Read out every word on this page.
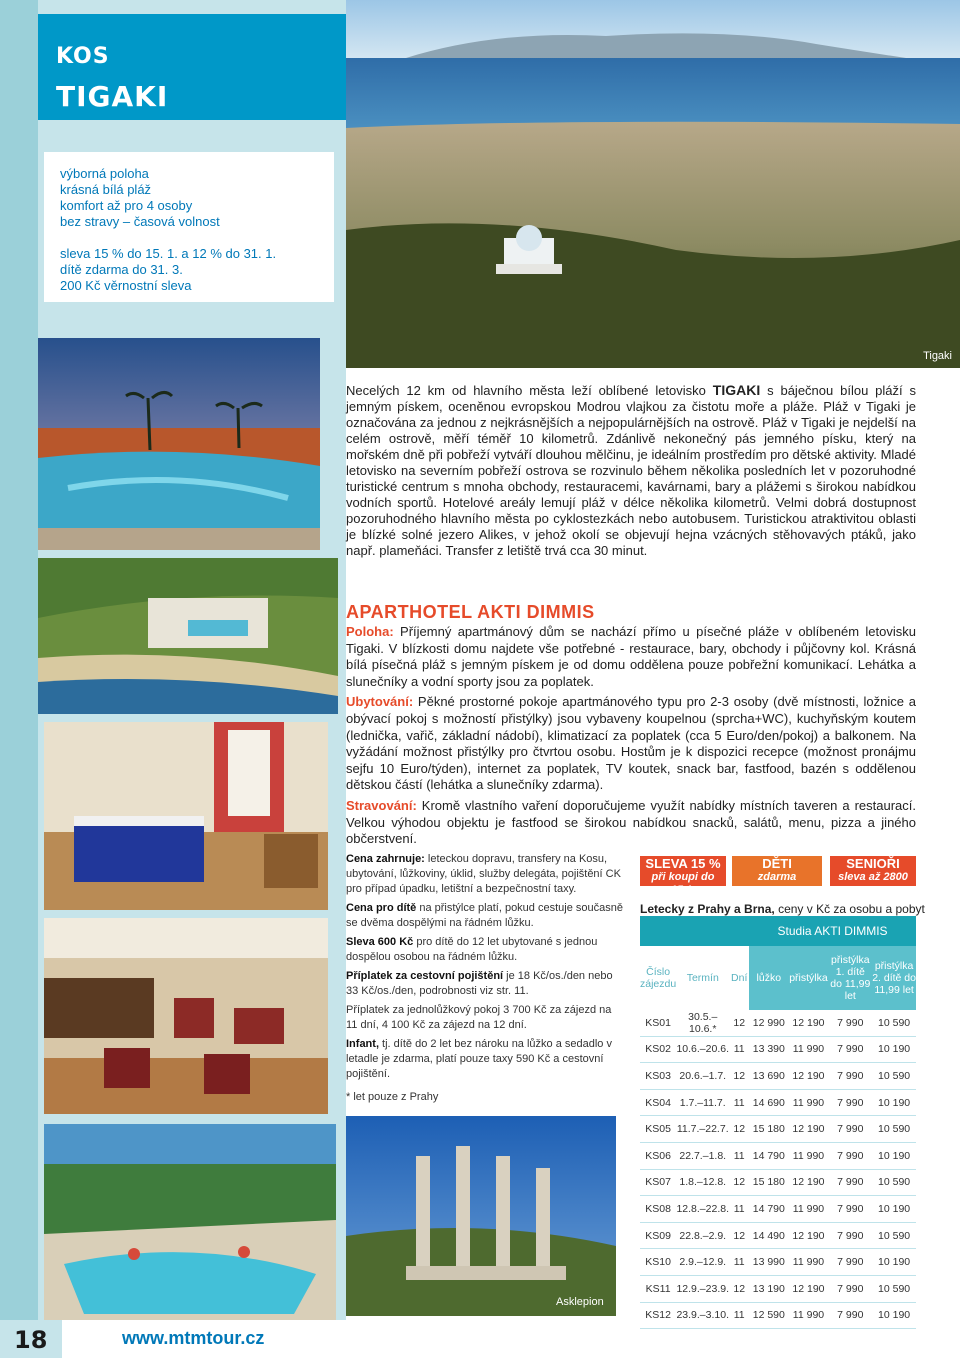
KOS
TIGAKI
výborná poloha
krásná bílá pláž
komfort až pro 4 osoby
bez stravy – časová volnost
sleva 15 % do 15. 1. a 12 % do 31. 1.
dítě zdarma do 31. 3.
200 Kč věrnostní sleva
Tigaki
Asklepion
Necelých 12 km od hlavního města leží oblíbené letovisko TIGAKI s báječnou bílou pláží s jemným pískem, oceněnou evropskou Modrou vlajkou za čistotu moře a pláže. Pláž v Tigaki je označována za jednou z nejkrásnějších a nejpopulárnějších na ostrově. Pláž v Tigaki je nejdelší na celém ostrově, měří téměř 10 kilometrů. Zdánlivě nekonečný pás jemného písku, který na mořském dně při pobřeží vytváří dlouhou mělčinu, je ideálním prostředím pro dětské aktivity. Mladé letovisko na severním pobřeží ostrova se rozvinulo během několika posledních let v pozoruhodné turistické centrum s mnoha obchody, restauracemi, kavárnami, bary a plážemi s širokou nabídkou vodních sportů. Hotelové areály lemují pláž v délce několika kilometrů. Velmi dobrá dostupnost pozoruhodného hlavního města po cyklostezkách nebo autobusem. Turistickou atraktivitou oblasti je blízké solné jezero Alikes, v jehož okolí se objevují hejna vzácných stěhovavých ptáků, jako např. plameňáci. Transfer z letiště trvá cca 30 minut.
APARTHOTEL AKTI DIMMIS

Poloha: Příjemný apartmánový dům se nachází přímo u písečné pláže v oblíbeném letovisku Tigaki. V blízkosti domu najdete vše potřebné - restaurace, bary, obchody i půjčovny kol. Krásná bílá písečná pláž s jemným pískem je od domu oddělena pouze pobřežní komunikací. Lehátka a slunečníky a vodní sporty jsou za poplatek.

Ubytování: Pěkné prostorné pokoje apartmánového typu pro 2-3 osoby (dvě místnosti, ložnice a obývací pokoj s možností přistýlky) jsou vybaveny koupelnou (sprcha+WC), kuchyňským koutem (lednička, vařič, základní nádobí), klimatizací za poplatek (cca 5 Euro/den/pokoj) a balkonem. Na vyžádání možnost přistýlky pro čtvrtou osobu. Hostům je k dispozici recepce (možnost pronájmu sejfu 10 Euro/týden), internet za poplatek, TV koutek, snack bar, fastfood, bazén s oddělenou dětskou částí (lehátka a slunečníky zdarma).

Stravování: Kromě vlastního vaření doporučujeme využít nabídky místních taveren a restaurací. Velkou výhodou objektu je fastfood se širokou nabídkou snacků, salátů, menu, pizza a jiného občerstvení.

Cena zahrnuje: leteckou dopravu, transfery na Kosu, ubytování, lůžkoviny, úklid, služby delegáta, pojištění CK pro případ úpadku, letištní a bezpečnostní taxy.

Cena pro dítě na přistýlce platí, pokud cestuje současně se dvěma dospělými na řádném lůžku.

Sleva 600 Kč pro dítě do 12 let ubytované s jednou dospělou osobou na řádném lůžku.

Příplatek za cestovní pojištění je 18 Kč/os./den nebo 33 Kč/os./den, podrobnosti viz str. 11.

Příplatek za jednolůžkový pokoj 3 700 Kč za zájezd na 11 dní, 4 100 Kč za zájezd na 12 dní.

Infant, tj. dítě do 2 let bez nároku na lůžko a sedadlo v letadle je zdarma, platí pouze taxy 590 Kč a cestovní pojištění.

* let pouze z Prahy

SLEVA 15 %
při koupi do 15.1.
DĚTI
zdarma
SENIOŘI
sleva až 2800
Letecky z Prahy a Brna, ceny v Kč za osobu a pobyt
			Studia AKTI DIMMIS			
Číslo zájezdu	Termín	Dní	lůžko	přistýlka	přistýlka 1. dítě do 11,99 let	přistýlka 2. dítě do 11,99 let
KS01	30.5.–10.6.*	12	12 990	12 190	7 990	10 590
KS02	10.6.–20.6.	11	13 390	11 990	7 990	10 190
KS03	20.6.–1.7.	12	13 690	12 190	7 990	10 590
KS04	1.7.–11.7.	11	14 690	11 990	7 990	10 190
KS05	11.7.–22.7.	12	15 180	12 190	7 990	10 590
KS06	22.7.–1.8.	11	14 790	11 990	7 990	10 190
KS07	1.8.–12.8.	12	15 180	12 190	7 990	10 590
KS08	12.8.–22.8.	11	14 790	11 990	7 990	10 190
KS09	22.8.–2.9.	12	14 490	12 190	7 990	10 590
KS10	2.9.–12.9.	11	13 990	11 990	7 990	10 190
KS11	12.9.–23.9.	12	13 190	12 190	7 990	10 590
KS12	23.9.–3.10.	11	12 590	11 990	7 990	10 190
18	www.mtmtour.cz
